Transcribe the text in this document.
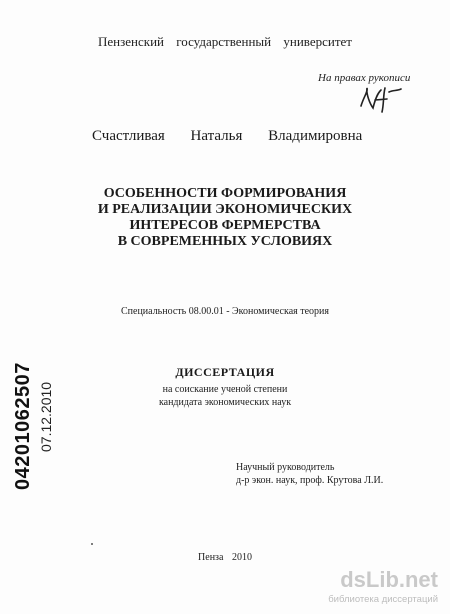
Пензенский государственный университет
На правах рукописи
Счастливая Наталья Владимировна
ОСОБЕННОСТИ ФОРМИРОВАНИЯ
И РЕАЛИЗАЦИИ ЭКОНОМИЧЕСКИХ
ИНТЕРЕСОВ ФЕРМЕРСТВА
В СОВРЕМЕННЫХ УСЛОВИЯХ
Специальность 08.00.01 - Экономическая теория
ДИССЕРТАЦИЯ
на соискание ученой степени
кандидата экономических наук
Научный руководитель
д-р экон. наук, проф. Крутова Л.И.
Пенза 2010
04201062507 07.12.2010
dsLib.net
библиотека диссертаций
